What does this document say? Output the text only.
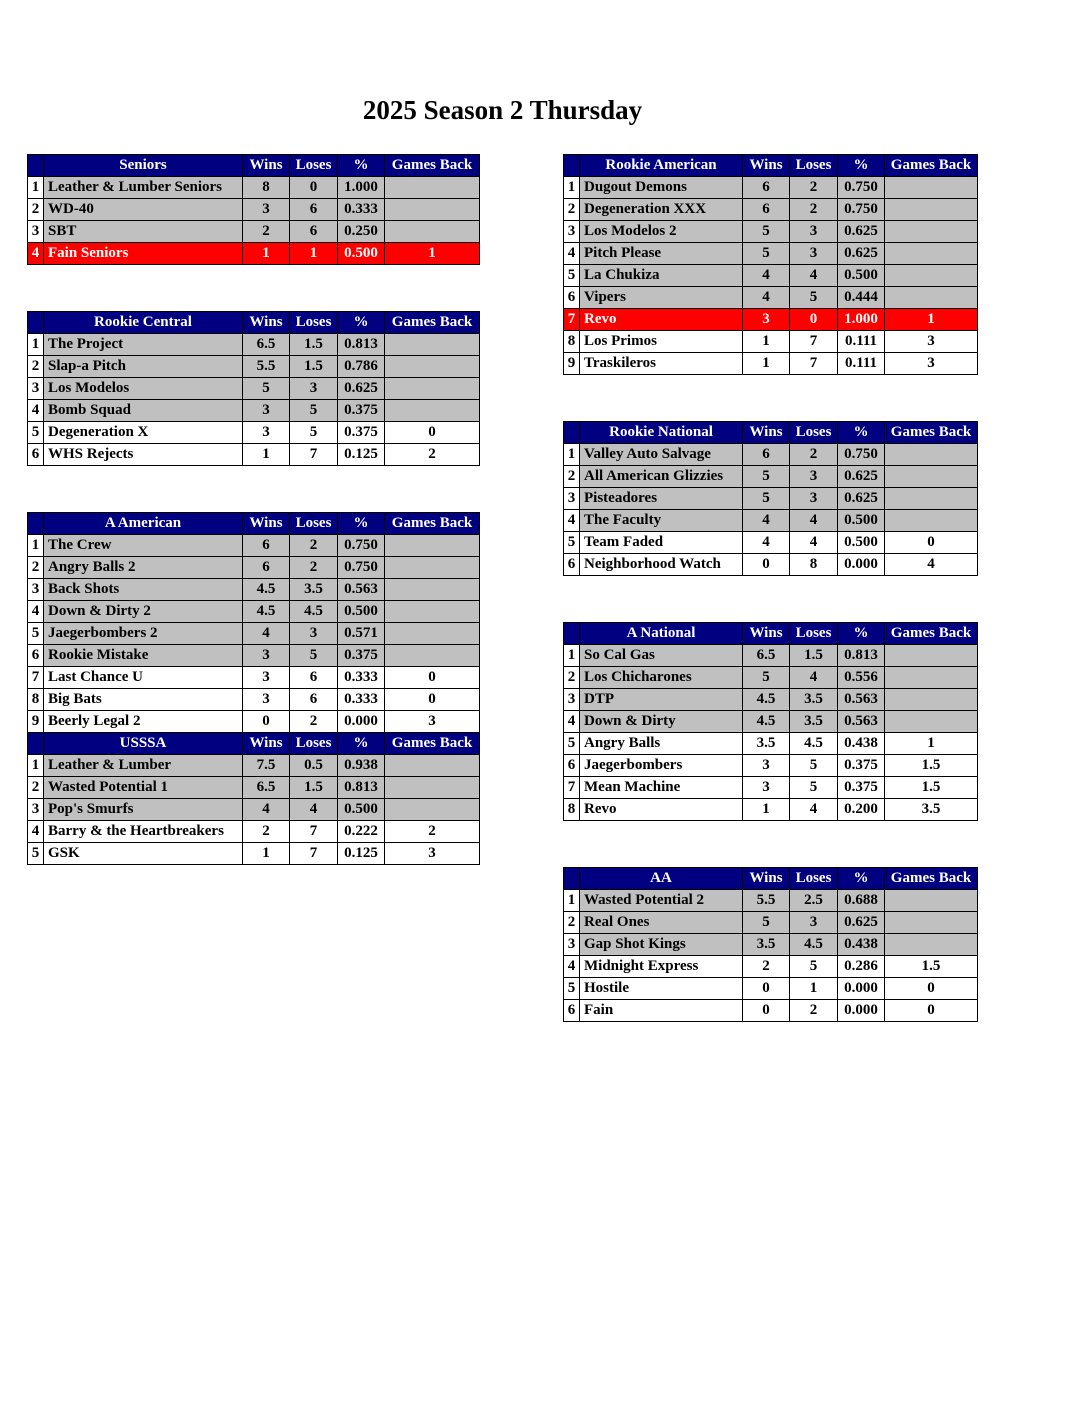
2025 Season 2 Thursday
	Seniors	Wins	Loses	%	Games Back
1	Leather & Lumber Seniors	8	0	1.000	
2	WD-40	3	6	0.333	
3	SBT	2	6	0.250	
4	Fain Seniors	1	1	0.500	1
	Rookie Central	Wins	Loses	%	Games Back
1	The Project	6.5	1.5	0.813	
2	Slap-a Pitch	5.5	1.5	0.786	
3	Los Modelos	5	3	0.625	
4	Bomb Squad	3	5	0.375	
5	Degeneration X	3	5	0.375	0
6	WHS Rejects	1	7	0.125	2
	A American	Wins	Loses	%	Games Back
1	The Crew	6	2	0.750	
2	Angry Balls 2	6	2	0.750	
3	Back Shots	4.5	3.5	0.563	
4	Down & Dirty 2	4.5	4.5	0.500	
5	Jaegerbombers 2	4	3	0.571	
6	Rookie Mistake	3	5	0.375	
7	Last Chance U	3	6	0.333	0
8	Big Bats	3	6	0.333	0
9	Beerly Legal 2	0	2	0.000	3
	USSSA	Wins	Loses	%	Games Back
1	Leather & Lumber	7.5	0.5	0.938	
2	Wasted Potential 1	6.5	1.5	0.813	
3	Pop's Smurfs	4	4	0.500	
4	Barry & the Heartbreakers	2	7	0.222	2
5	GSK	1	7	0.125	3
	Rookie American	Wins	Loses	%	Games Back
1	Dugout Demons	6	2	0.750	
2	Degeneration XXX	6	2	0.750	
3	Los Modelos 2	5	3	0.625	
4	Pitch Please	5	3	0.625	
5	La Chukiza	4	4	0.500	
6	Vipers	4	5	0.444	
7	Revo	3	0	1.000	1
8	Los Primos	1	7	0.111	3
9	Traskileros	1	7	0.111	3
	Rookie National	Wins	Loses	%	Games Back
1	Valley Auto Salvage	6	2	0.750	
2	All American Glizzies	5	3	0.625	
3	Pisteadores	5	3	0.625	
4	The Faculty	4	4	0.500	
5	Team Faded	4	4	0.500	0
6	Neighborhood Watch	0	8	0.000	4
	A National	Wins	Loses	%	Games Back
1	So Cal Gas	6.5	1.5	0.813	
2	Los Chicharones	5	4	0.556	
3	DTP	4.5	3.5	0.563	
4	Down & Dirty	4.5	3.5	0.563	
5	Angry Balls	3.5	4.5	0.438	1
6	Jaegerbombers	3	5	0.375	1.5
7	Mean Machine	3	5	0.375	1.5
8	Revo	1	4	0.200	3.5
	AA	Wins	Loses	%	Games Back
1	Wasted Potential 2	5.5	2.5	0.688	
2	Real Ones	5	3	0.625	
3	Gap Shot Kings	3.5	4.5	0.438	
4	Midnight Express	2	5	0.286	1.5
5	Hostile	0	1	0.000	0
6	Fain	0	2	0.000	0
